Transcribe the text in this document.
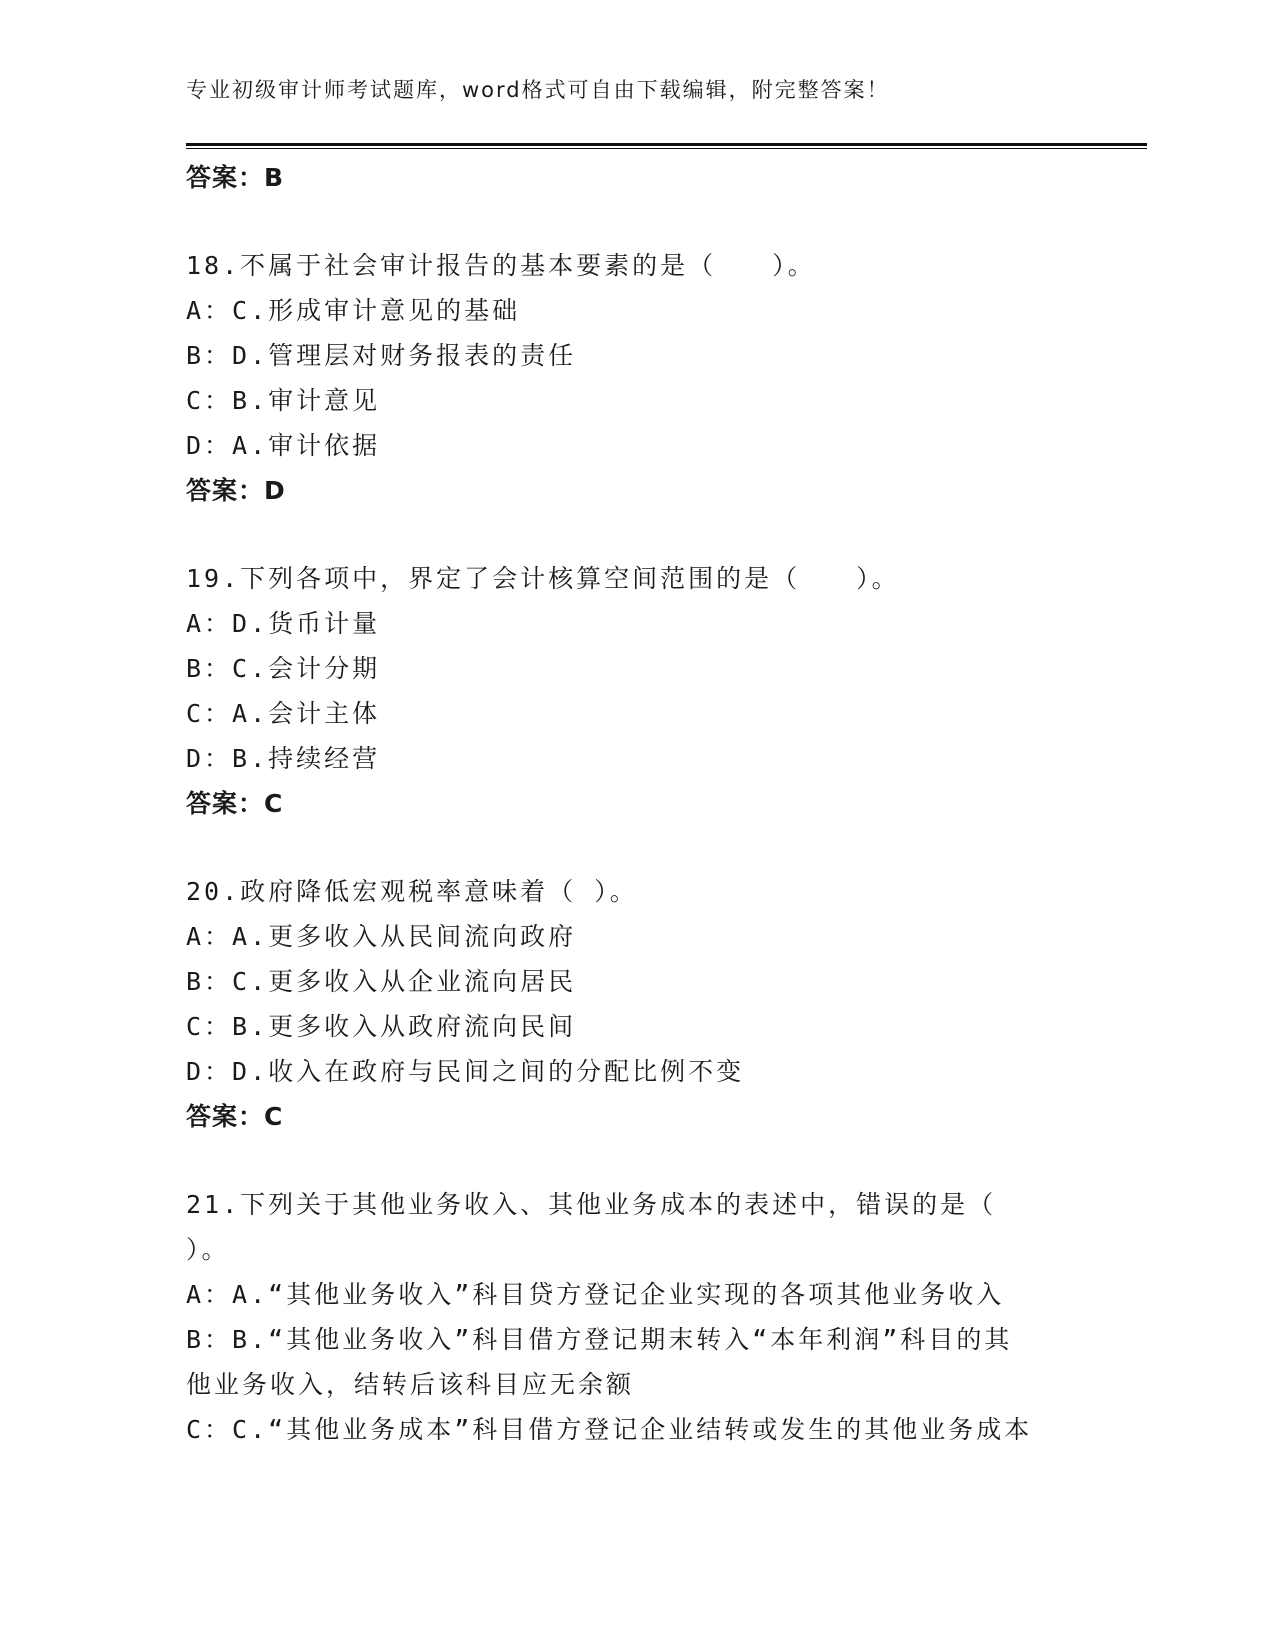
专业初级审计师考试题库，word格式可自由下载编辑，附完整答案！
答案：B
18.不属于社会审计报告的基本要素的是（　　）。
A：C.形成审计意见的基础
B：D.管理层对财务报表的责任
C：B.审计意见
D：A.审计依据
答案：D
19.下列各项中，界定了会计核算空间范围的是（　　）。
A：D.货币计量
B：C.会计分期
C：A.会计主体
D：B.持续经营
答案：C
20.政府降低宏观税率意味着（ ）。
A：A.更多收入从民间流向政府
B：C.更多收入从企业流向居民
C：B.更多收入从政府流向民间
D：D.收入在政府与民间之间的分配比例不变
答案：C
21.下列关于其他业务收入、其他业务成本的表述中，错误的是（
）。
A：A.“其他业务收入”科目贷方登记企业实现的各项其他业务收入
B：B.“其他业务收入”科目借方登记期末转入“本年利润”科目的其
他业务收入，结转后该科目应无余额
C：C.“其他业务成本”科目借方登记企业结转或发生的其他业务成本
